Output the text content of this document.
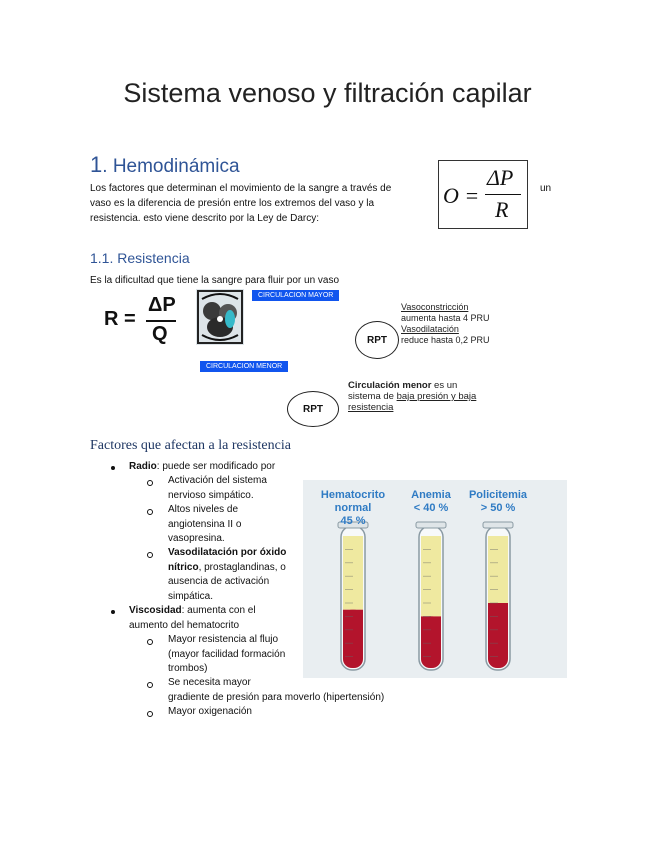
Sistema venoso y filtración capilar
1. Hemodinámica
Los factores que determinan el movimiento de la sangre a través de
vaso es la diferencia de presión entre los extremos del vaso y la
resistencia. esto viene descrito por la Ley de Darcy:
O =
ΔP
R
un
1.1. Resistencia
Es la dificultad que tiene la sangre para fluir por un vaso
R =
ΔP
Q
CIRCULACION MAYOR
CIRCULACION MENOR
RPT
Vasoconstricción
aumenta hasta 4 PRU
Vasodilatación
reduce hasta 0,2 PRU
RPT
Circulación menor es un
sistema de baja presión y baja
resistencia
Factores que afectan a la resistencia
Radio: puede ser modificado por
Activación del sistema
nervioso simpático.
Altos niveles de
angiotensina II o
vasopresina.
Vasodilatación por óxido
nítrico, prostaglandinas, o
ausencia de activación
simpática.
Viscosidad: aumenta con el
aumento del hematocrito
Mayor resistencia al flujo
(mayor facilidad formación
trombos)
Se necesita mayor
gradiente de presión para moverlo (hipertensión)
Mayor oxigenación
Hematocrito
normal
45 %
Anemia
< 40 %
Policitemia
> 50 %
